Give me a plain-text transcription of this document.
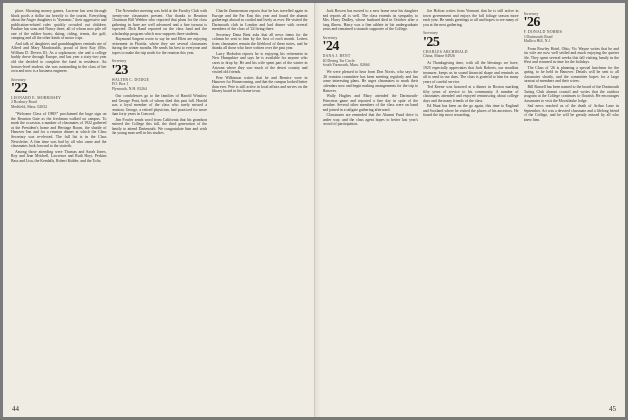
place. Shouting money games, Lucerne has sent through black pools a dollar tax heavily to the tourist. Everything about the Auger daughters is "dynamic," their aggressive and publication-related rules quickly crowded out children. Pauline has sons and Nancy three, all of whom now pile off one of the rubber boats; skiing, riding, tennis, the golf, camping and all the other kinds of motor trips.

And talk of daughters and granddaughters reminds me of Alfred and Mary Macdonalds, proud of their Kay (Mrs. William D. Devers II). As a sophomore, she and a college buddy drove through Europe, and last year a sixty-two year old she decided to complete the fund in residence. An honors-level student, she was outstanding in the class of her own and now is a business engineer.

Secretary
'22
LEONARD E. MORRISSEY
2 Roxbury Road
Medfield, Mass. 02052

"Welcome Class of 1980!" proclaimed the huge sign on the Reunion Gate as the freshman walked on campus. To mark the occasion, a number of classmates of 1922 gathered at the President's home and Heritage Room, the shuttle of Hanover Inn and for a reunion dinner at which the Class Secretary was re-elected. The full list is in the Class Newsletter. A fine time was had by all who came and the classmates look forward to the sixtieth.

Among those attending were Thomas and Sarah Jones, Roy and Jean Mitchell, Lawrence and Ruth Hoyt, Perkins Bass and Lisa, the Kendalls, Robert Kidder, and the Tofts.

The November meeting was held at the Faculty Club with twenty-one classmates present. Our thanks to Reunion Chairman Bill Webber who reported that plans for the class gathering in June are well advanced and a fine turnout is expected. Dick Rand reported on the class fund and the scholarship program which now supports three students.

Raymond Sargent wrote to say he and Ellen are enjoying retirement in Florida, where they see several classmates during the winter months. He sends his best to everyone and hopes to make the trip north for the reunion this year.

Secretary
'23
WALTER C. DODGE
P.O. Box 1
Plymouth, N.H. 03264

Our condolences go to the families of Harold Winslow and George Pratt, both of whom died this past fall. Harold was a loyal member of the class who rarely missed a reunion; George, a retired physician, had practiced for more than forty years in Concord.

Jim Fowler sends word from California that his grandson entered the College this fall, the third generation of the family to attend Dartmouth. We congratulate him and wish the young man well in his studies.

Charlie Zimmerman reports that he has travelled again in Europe and the Far East this year and found the alumni gatherings abroad as cordial and lively as ever. He visited the Dartmouth club in London and had dinner with several members of the class of '24 living there.

Secretary Dana Bent asks that all news items for the column be sent to him by the first of each month. Letters from classmates remain the lifeblood of these notes, and he thanks all those who have written over the past year.

Larry Hodsdon reports he is enjoying his retirement in New Hampshire and says he is available for anyone who cares to drop by. He and his wife spent part of the winter in Arizona where they saw much of the desert country and visited old friends.

Pete Wilkinson writes that he and Bernice were in Hanover for Homecoming, and that the campus looked better than ever. Pete is still active in local affairs and serves on the library board in his home town.

44

Jack Bowen has moved to a new home near his daughter and reports all is well. The class extends its sympathy to Mrs. Harry Dudley, whose husband died in October after a long illness. Harry was a fine athlete in his undergraduate years and remained a staunch supporter of the College.

Secretary
'24
DANA J. BENT
40 Dering Tar Circle
South Yarmouth, Mass. 02664

We were pleased to hear from Don Norris, who says the '26 reunion committee has been meeting regularly and has some interesting plans. He urges classmates to mark their calendars now and begin making arrangements for the trip to Hanover.

Wally Hughes and Mary attended the Dartmouth-Princeton game and reported a fine day in spite of the weather. Several other members of the class were on hand and joined in a tailgate gathering afterward.

Classmates are reminded that the Alumni Fund drive is under way, and the class agent hopes to better last year's record of participation.

Joe Holton writes from Vermont that he is still active in town government and enjoys the fall foliage season more each year. He sends greetings to all and hopes to see many of you at the next gathering.

Secretary
'25
CHARLES ARCHIBALD
China, Maine 04926

At Thanksgiving time, with all the blessings we have, 1925 especially appreciates that Jack Roberts, our steadfast treasurer, keeps us in sound financial shape and reminds us all to send in our dues. The class is grateful to him for many years of careful service.

Ted Keene was honored at a dinner in Boston marking fifty years of service to his community. A number of classmates attended and enjoyed reminiscing about college days and the many friends of the class.

Ed Hunt has been on the go again, this time to England and Scotland where he visited the places of his ancestors. He found the trip most rewarding.

Secretary
'26
F. DONALD NORRIS
6 Dartmouth Road
Mullica Hill, N.J.

From Rowley Hotel, Ohio, Vic Wayne writes that he and his wife are now well settled and much enjoying the quieter life. They spent several weeks this fall visiting family in the West and returned in time for the holidays.

The Class of '26 is planning a special luncheon for the spring, to be held in Hanover. Details will be sent to all classmates shortly, and the committee hopes for a large turnout of members and their wives.

Bill Russell has been named to the board of the Dartmouth Outing Club alumni council and writes that the outdoor program at the College continues to flourish. He encourages classmates to visit the Moosilauke lodge.

Sad news reached us of the death of Arthur Lane in September. Art was a devoted classmate and a lifelong friend of the College, and he will be greatly missed by all who knew him.

45
